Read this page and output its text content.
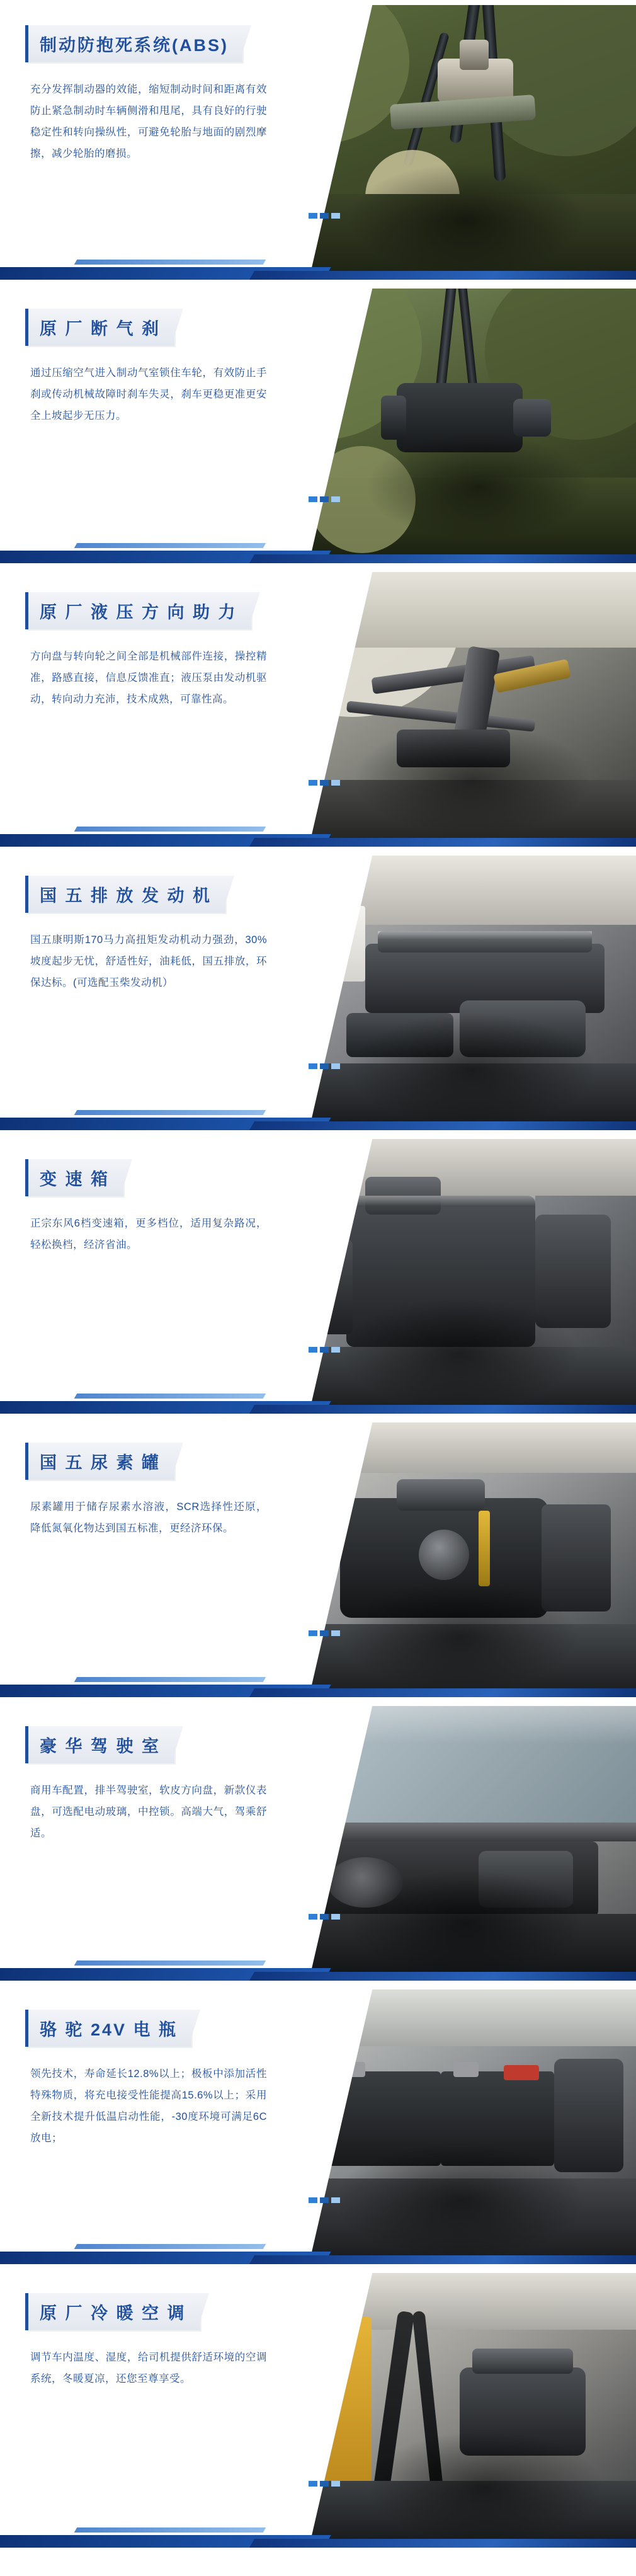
制动防抱死系统(ABS)
充分发挥制动器的效能，缩短制动时间和距离有效防止紧急制动时车辆侧滑和甩尾，具有良好的行驶稳定性和转向操纵性，可避免轮胎与地面的剧烈摩擦，减少轮胎的磨损。
原 厂 断 气 刹
通过压缩空气进入制动气室锁住车轮，有效防止手刹或传动机械故障时刹车失灵，刹车更稳更准更安全上坡起步无压力。
原 厂 液 压 方 向 助 力
方向盘与转向轮之间全部是机械部件连接，操控精准，路感直接，信息反馈准直；液压泵由发动机驱动，转向动力充沛，技术成熟，可靠性高。
国 五 排 放 发 动 机
国五康明斯170马力高扭矩发动机动力强劲，30%坡度起步无忧，舒适性好，油耗低，国五排放，环保达标。(可选配玉柴发动机）
变 速 箱
正宗东风6档变速箱，更多档位，适用复杂路况，轻松换档，经济省油。
国 五 尿 素 罐
尿素罐用于储存尿素水溶液，SCR选择性还原，降低氮氧化物达到国五标准，更经济环保。
豪 华 驾 驶 室
商用车配置，排半驾驶室，软皮方向盘，新款仪表盘，可选配电动玻璃，中控锁。高端大气，驾乘舒适。
骆 驼 24V 电 瓶
领先技术，寿命延长12.8%以上；极板中添加活性特殊物质，将充电接受性能提高15.6%以上；采用全新技术提升低温启动性能，-30度环境可满足6C放电；
原 厂 冷 暖 空 调
调节车内温度、湿度，给司机提供舒适环境的空调系统，冬暖夏凉，还您至尊享受。
